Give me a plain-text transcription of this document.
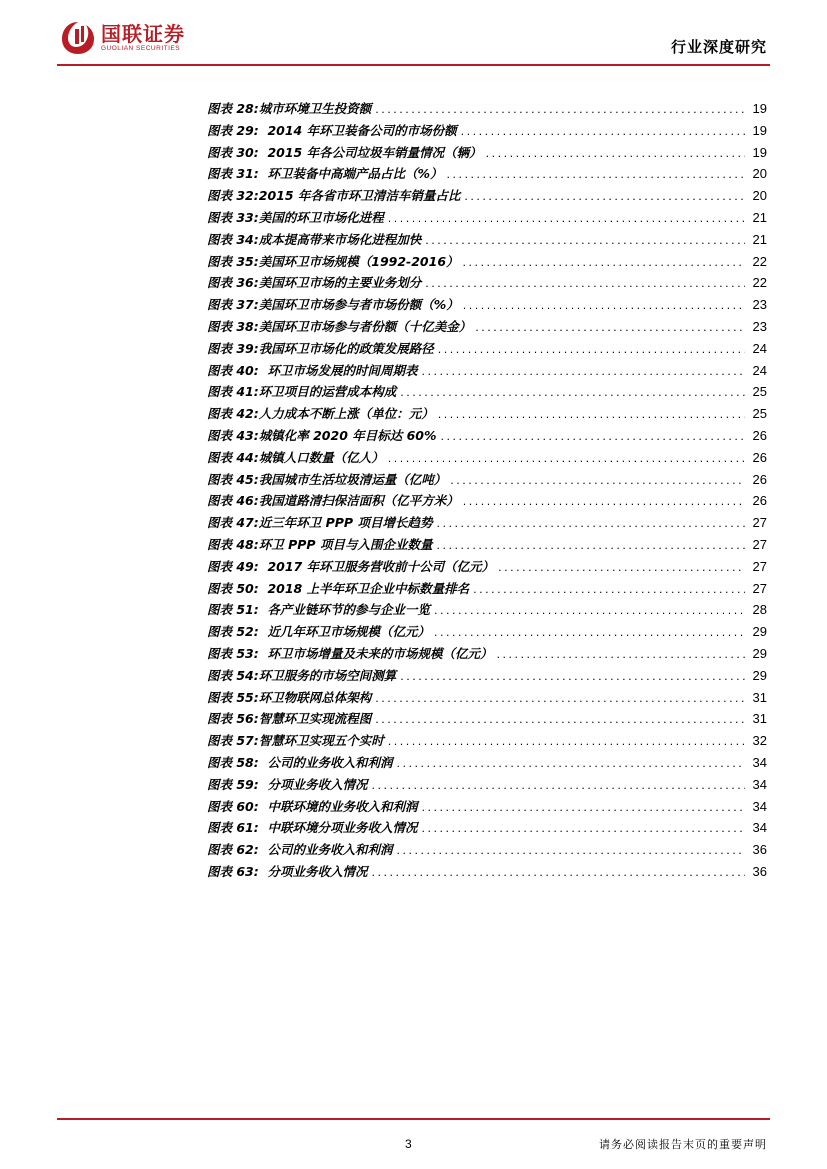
国联证券
GUOLIAN SECURITIES	行业深度研究
图表 28: 城市环境卫生投资额 .....	19
图表 29: 2014 年环卫装备公司的市场份额 .....	19
图表 30: 2015 年各公司垃圾车销量情况（辆） .....	19
图表 31: 环卫装备中高端产品占比（%） .....	20
图表 32: 2015 年各省市环卫清洁车销量占比 .....	20
图表 33: 美国的环卫市场化进程 .....	21
图表 34: 成本提高带来市场化进程加快 .....	21
图表 35: 美国环卫市场规模（1992-2016） .....	22
图表 36: 美国环卫市场的主要业务划分 .....	22
图表 37: 美国环卫市场参与者市场份额（%） .....	23
图表 38: 美国环卫市场参与者份额（十亿美金） .....	23
图表 39: 我国环卫市场化的政策发展路径 .....	24
图表 40: 环卫市场发展的时间周期表 .....	24
图表 41: 环卫项目的运营成本构成 .....	25
图表 42: 人力成本不断上涨（单位：元） .....	25
图表 43: 城镇化率 2020 年目标达 60% .....	26
图表 44: 城镇人口数量（亿人） .....	26
图表 45: 我国城市生活垃圾清运量（亿吨） .....	26
图表 46: 我国道路清扫保洁面积（亿平方米） .....	26
图表 47: 近三年环卫 PPP 项目增长趋势 .....	27
图表 48: 环卫 PPP 项目与入围企业数量 .....	27
图表 49: 2017 年环卫服务营收前十公司（亿元） .....	27
图表 50: 2018 上半年环卫企业中标数量排名 .....	27
图表 51: 各产业链环节的参与企业一览 .....	28
图表 52: 近几年环卫市场规模（亿元） .....	29
图表 53: 环卫市场增量及未来的市场规模（亿元） .....	29
图表 54: 环卫服务的市场空间测算 .....	29
图表 55: 环卫物联网总体架构 .....	31
图表 56: 智慧环卫实现流程图 .....	31
图表 57: 智慧环卫实现五个实时 .....	32
图表 58: 公司的业务收入和利润 .....	34
图表 59: 分项业务收入情况 .....	34
图表 60: 中联环境的业务收入和利润 .....	34
图表 61: 中联环境分项业务收入情况 .....	34
图表 62: 公司的业务收入和利润 .....	36
图表 63: 分项业务收入情况 .....	36
3	请务必阅读报告末页的重要声明
